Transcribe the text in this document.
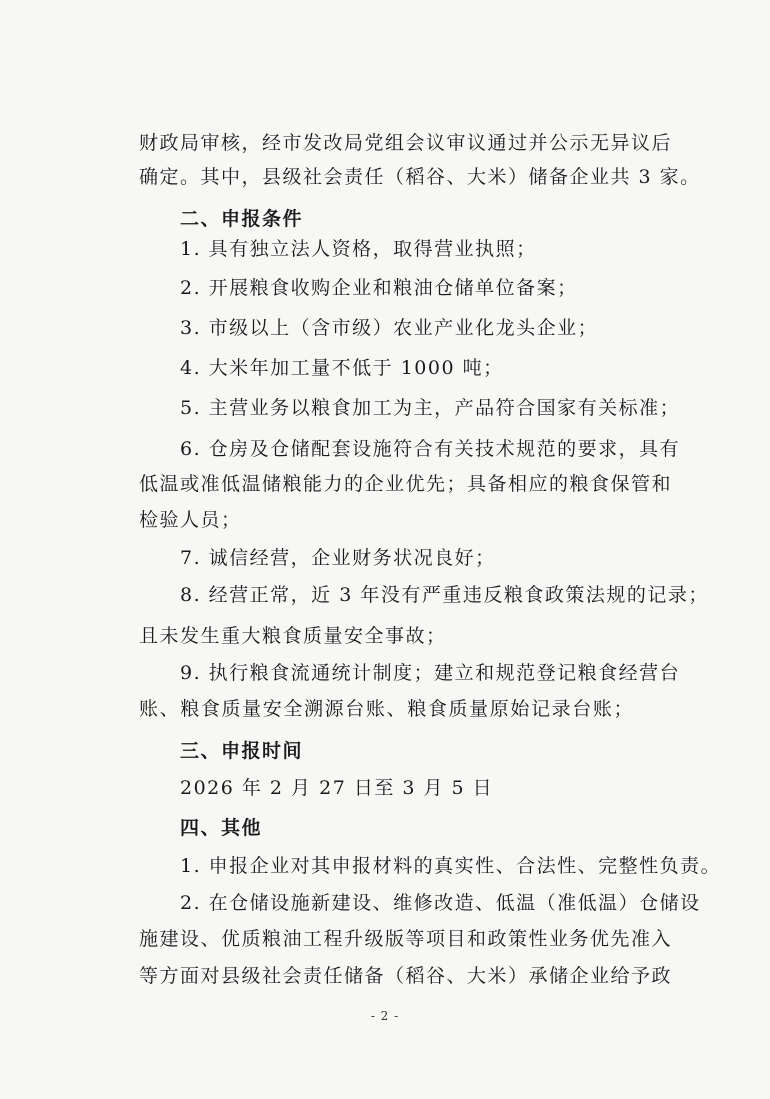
财政局审核，经市发改局党组会议审议通过并公示无异议后
确定。其中，县级社会责任（稻谷、大米）储备企业共 3 家。
二、申报条件
1. 具有独立法人资格，取得营业执照；
2. 开展粮食收购企业和粮油仓储单位备案；
3. 市级以上（含市级）农业产业化龙头企业；
4. 大米年加工量不低于 1000 吨；
5. 主营业务以粮食加工为主，产品符合国家有关标准；
6. 仓房及仓储配套设施符合有关技术规范的要求，具有
低温或准低温储粮能力的企业优先；具备相应的粮食保管和
检验人员；
7. 诚信经营，企业财务状况良好；
8. 经营正常，近 3 年没有严重违反粮食政策法规的记录；
且未发生重大粮食质量安全事故；
9. 执行粮食流通统计制度；建立和规范登记粮食经营台
账、粮食质量安全溯源台账、粮食质量原始记录台账；
三、申报时间
2026 年 2 月 27 日至 3 月 5 日
四、其他
1. 申报企业对其申报材料的真实性、合法性、完整性负责。
2. 在仓储设施新建设、维修改造、低温（准低温）仓储设
施建设、优质粮油工程升级版等项目和政策性业务优先准入
等方面对县级社会责任储备（稻谷、大米）承储企业给予政
- 2 -
